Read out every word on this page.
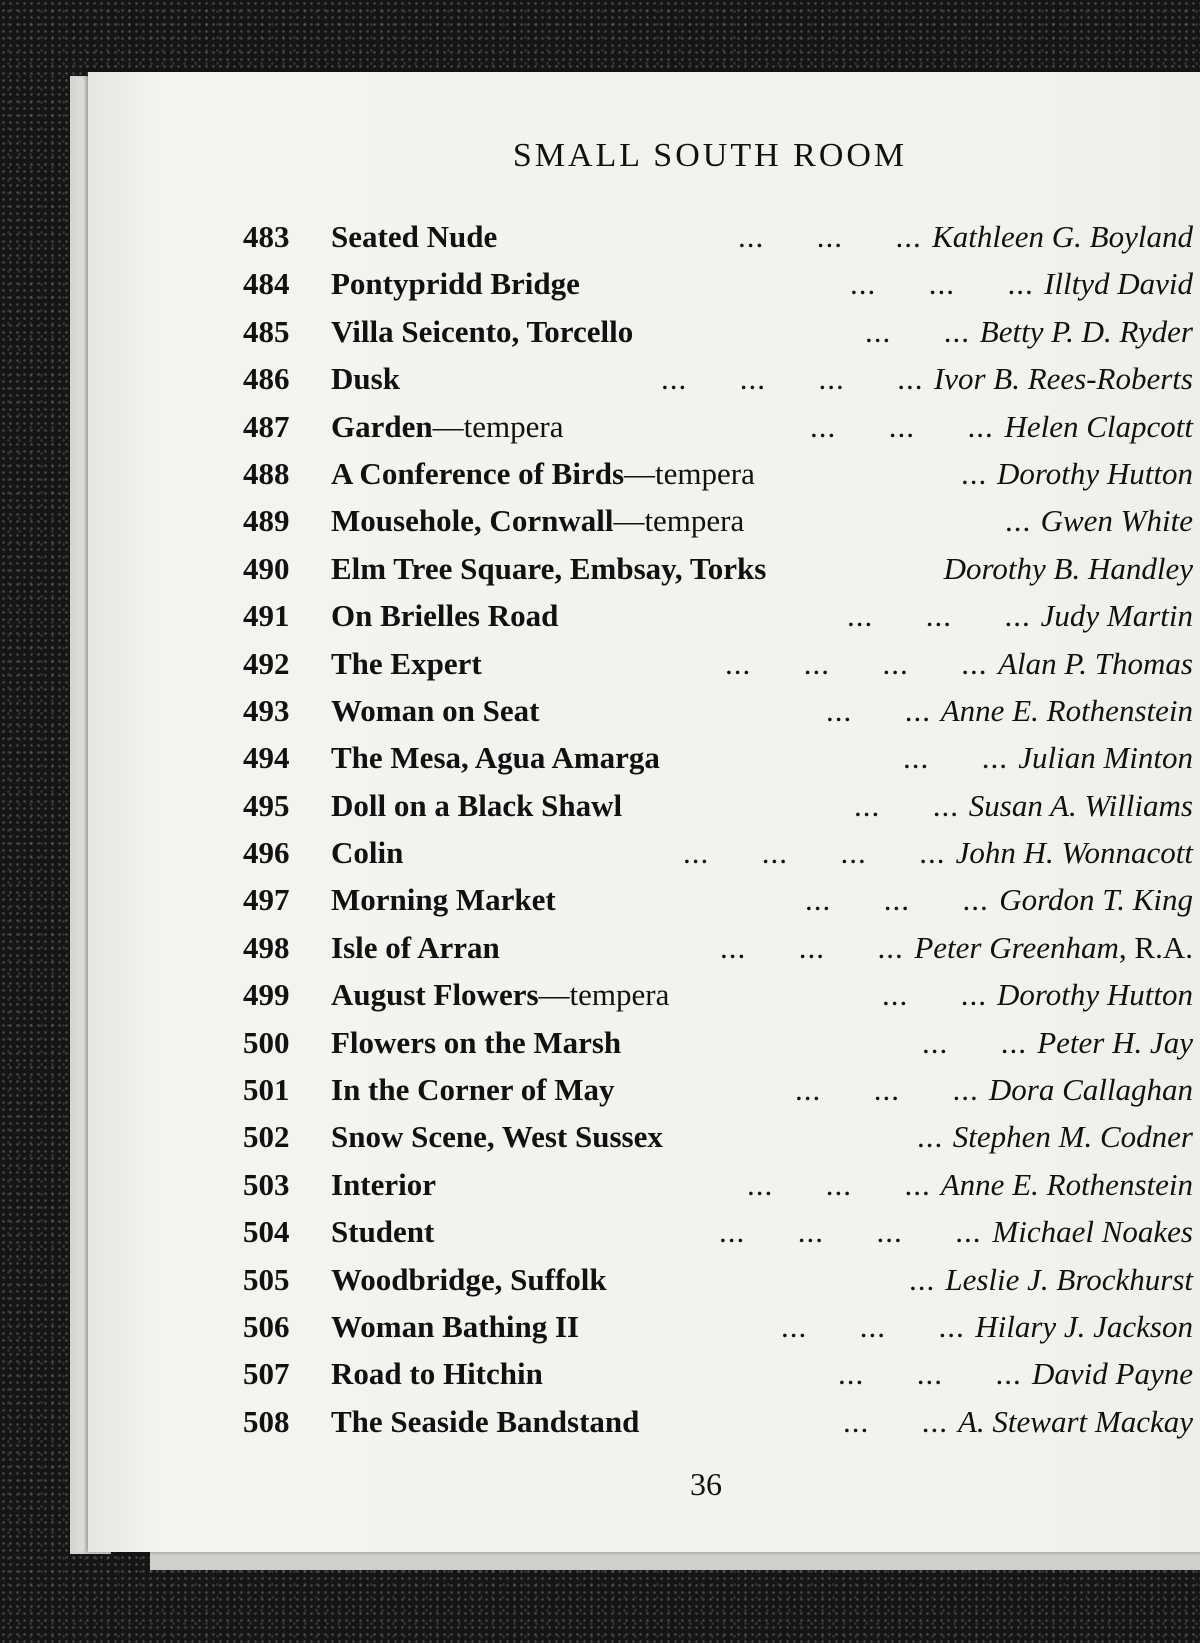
SMALL SOUTH ROOM
483 Seated Nude	...      ...      ... Kathleen G. Boyland
484 Pontypridd Bridge	...      ...      ... Illtyd David
485 Villa Seicento, Torcello	...      ... Betty P. D. Ryder
486 Dusk	...      ...      ...      ... Ivor B. Rees-Roberts
487 Garden—tempera	...      ...      ... Helen Clapcott
488 A Conference of Birds—tempera	... Dorothy Hutton
489 Mousehole, Cornwall—tempera	... Gwen White
490 Elm Tree Square, Embsay, Torks	Dorothy B. Handley
491 On Brielles Road	...      ...      ... Judy Martin
492 The Expert	...      ...      ...      ... Alan P. Thomas
493 Woman on Seat	...      ... Anne E. Rothenstein
494 The Mesa, Agua Amarga	...      ... Julian Minton
495 Doll on a Black Shawl	...      ... Susan A. Williams
496 Colin	...      ...      ...      ... John H. Wonnacott
497 Morning Market	...      ...      ... Gordon T. King
498 Isle of Arran	...      ...      ... Peter Greenham, R.A.
499 August Flowers—tempera	...      ... Dorothy Hutton
500 Flowers on the Marsh	...      ... Peter H. Jay
501 In the Corner of May	...      ...      ... Dora Callaghan
502 Snow Scene, West Sussex	... Stephen M. Codner
503 Interior	...      ...      ... Anne E. Rothenstein
504 Student	...      ...      ...      ... Michael Noakes
505 Woodbridge, Suffolk	... Leslie J. Brockhurst
506 Woman Bathing II	...      ...      ... Hilary J. Jackson
507 Road to Hitchin	...      ...      ... David Payne
508 The Seaside Bandstand	...      ... A. Stewart Mackay
36
